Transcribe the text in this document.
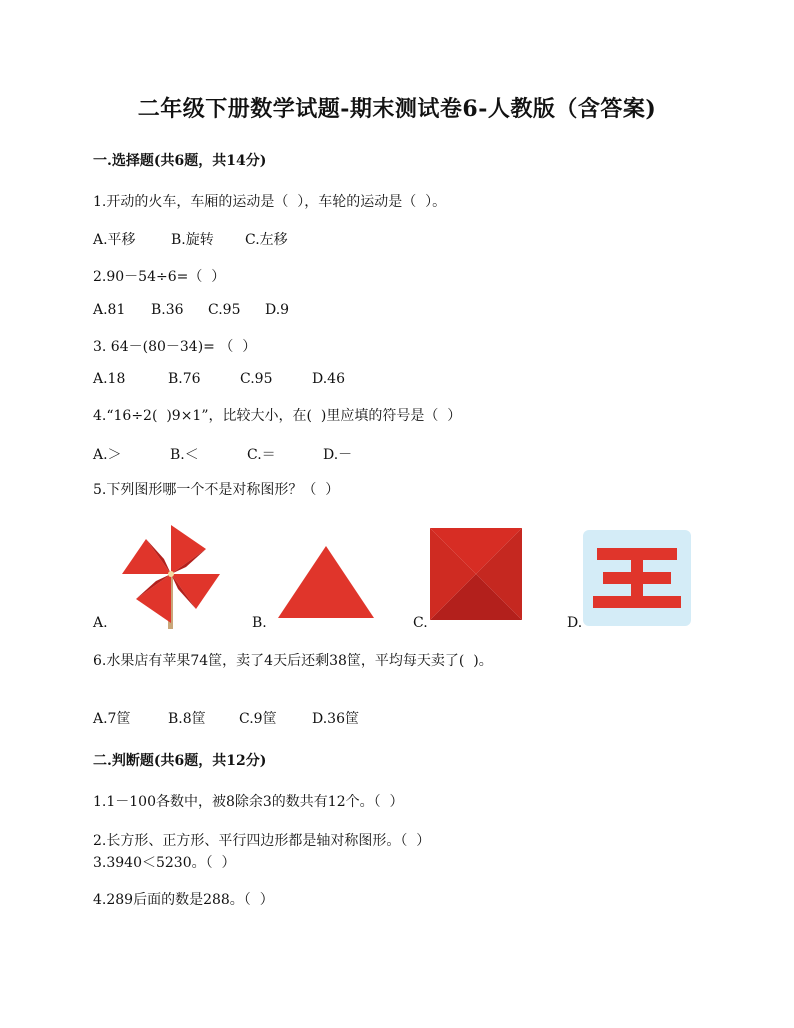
二年级下册数学试题-期末测试卷6-人教版（含答案)
一.选择题(共6题，共14分)
1.开动的火车，车厢的运动是（  ），车轮的运动是（  ）。
A.平移	B.旋转 C.左移
2.90－54÷6=（  ）
A.81 B.36 C.95 D.9
3. 64－(80－34)= （  ）
A.18	B.76	C.95	D.46
4.“16÷2(  )9×1”，比较大小，在(  )里应填的符号是（  ）
A.＞	B.＜	C.＝	D.－
5.下列图形哪一个不是对称图形？（  ）
A.	B.	C.	D.
6.水果店有苹果74筐，卖了4天后还剩38筐，平均每天卖了(  )。
A.7筐	B.8筐 C.9筐	D.36筐
二.判断题(共6题，共12分)
1.1－100各数中，被8除余3的数共有12个。（  ）
2.长方形、正方形、平行四边形都是轴对称图形。（  ）
3.3940＜5230。（  ）
4.289后面的数是288。（  ）
